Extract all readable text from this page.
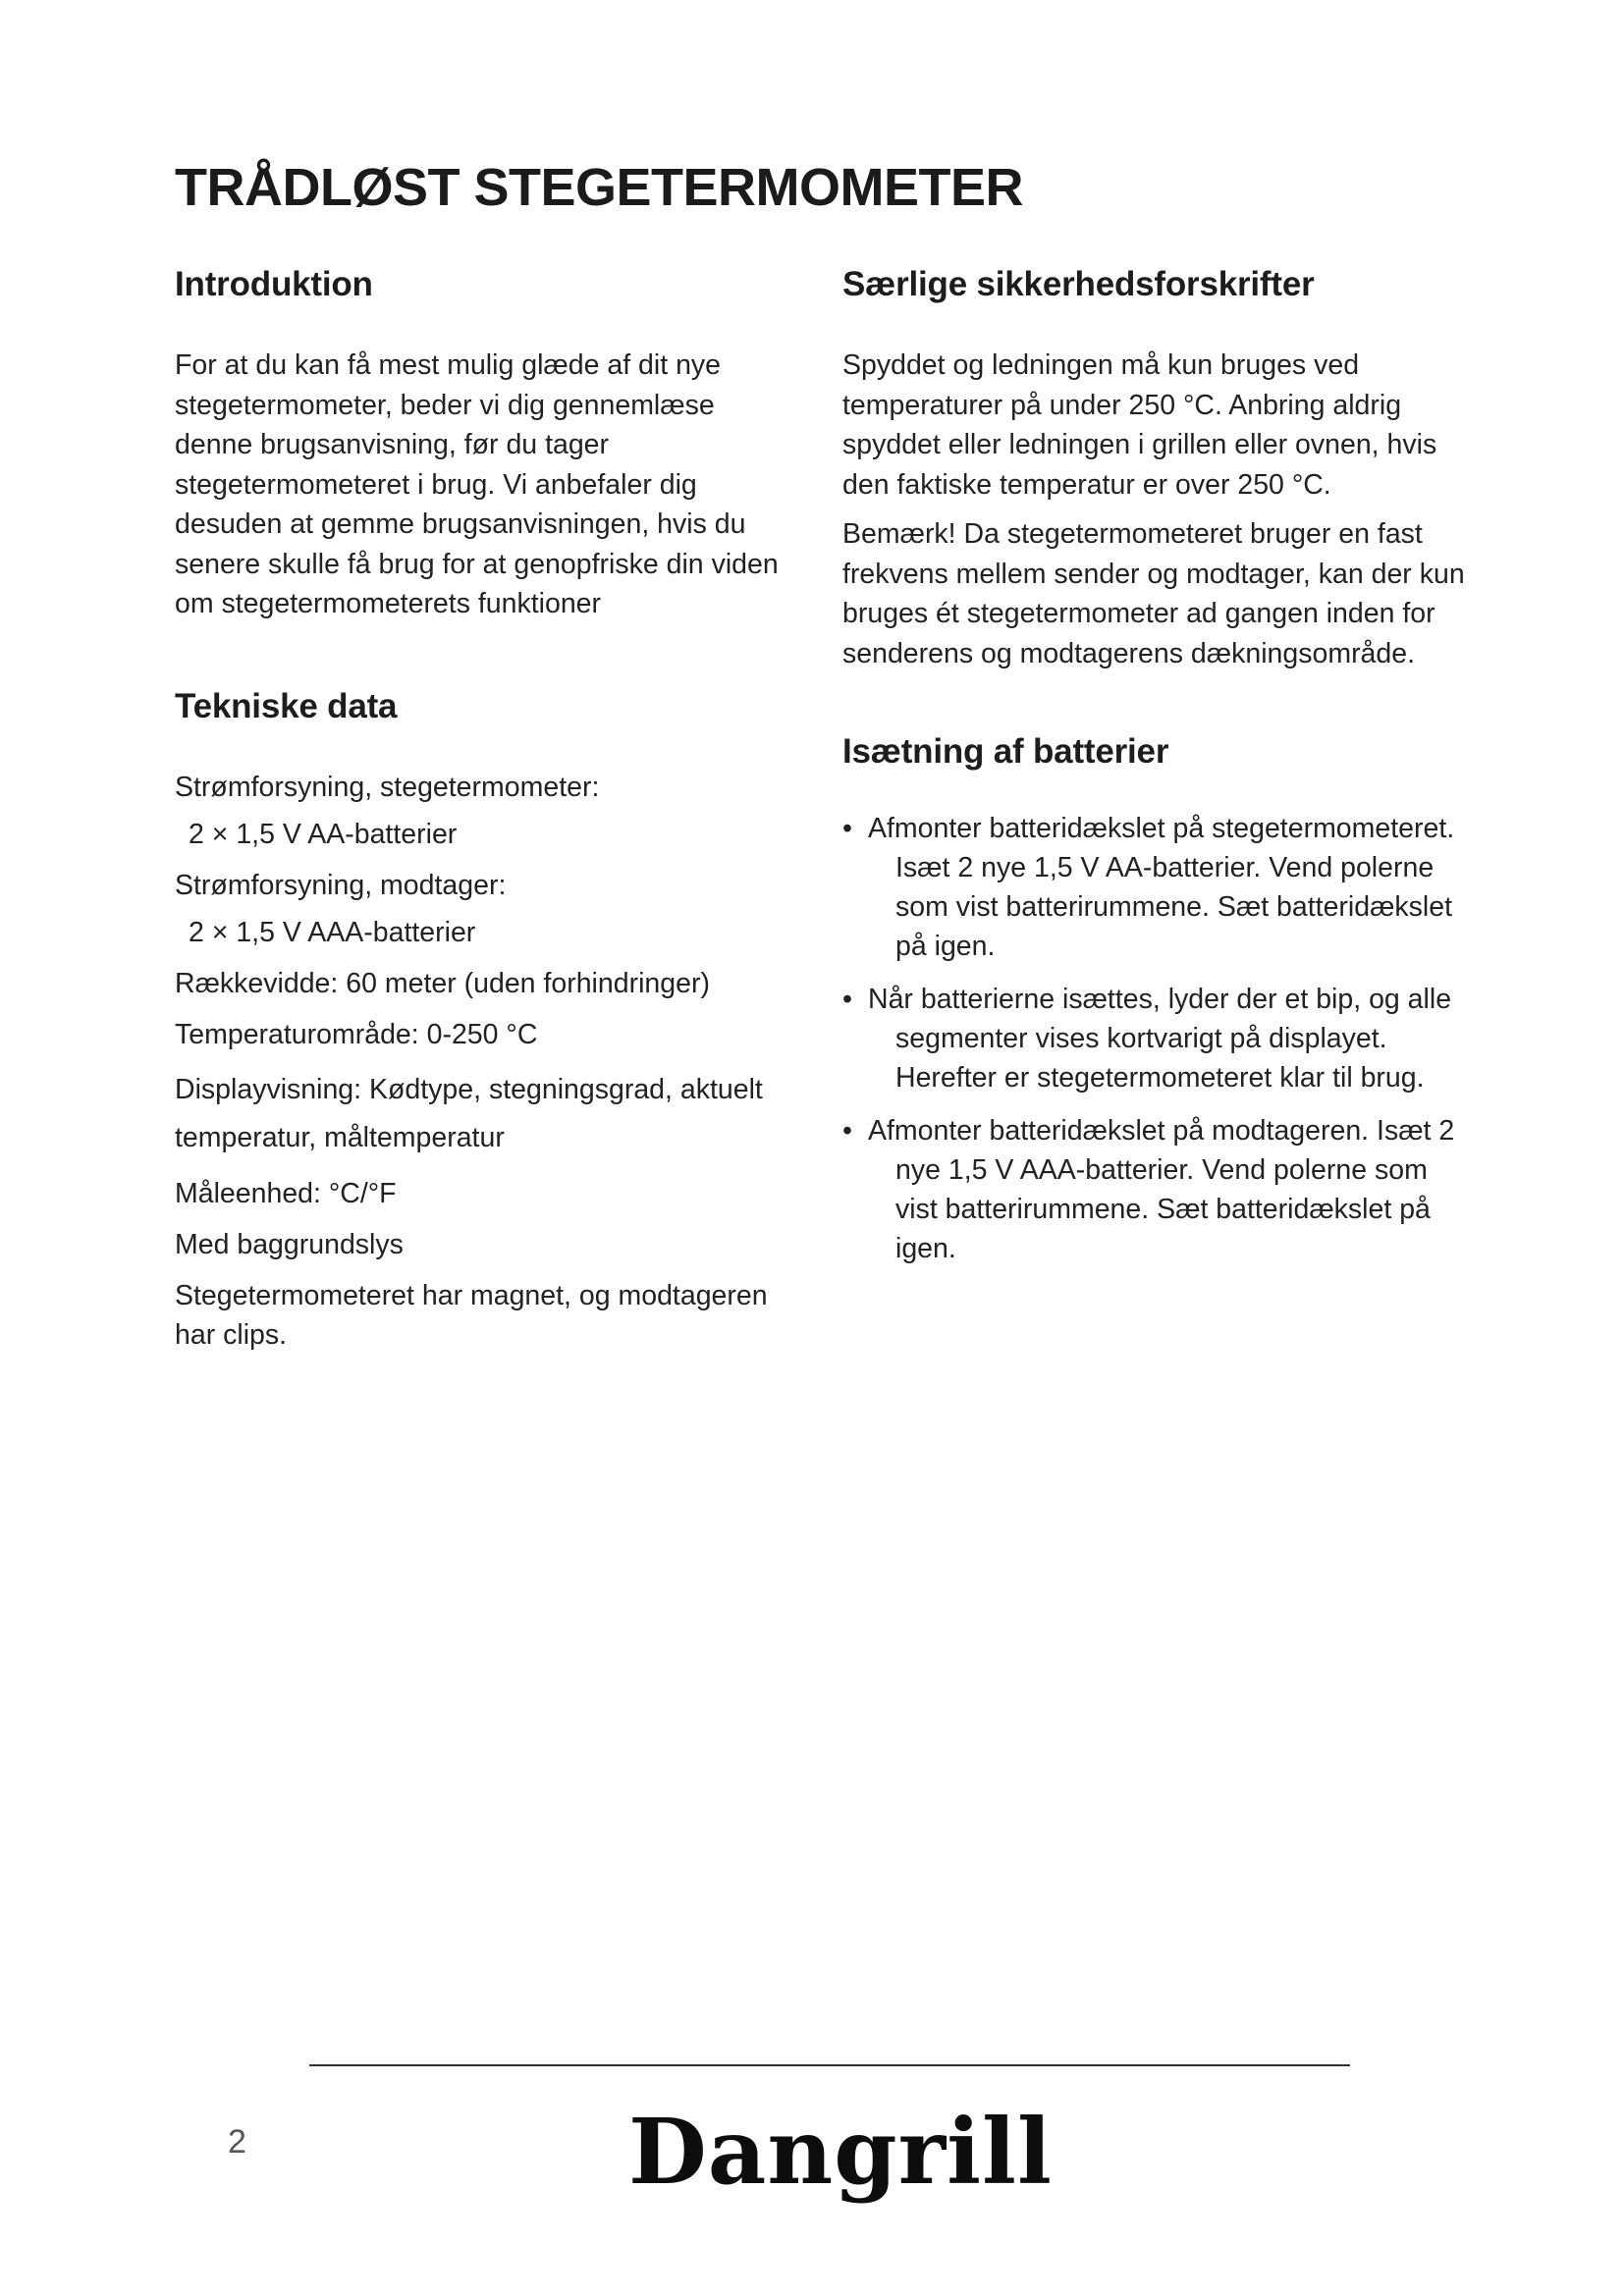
TRÅDLØST STEGETERMOMETER
Introduktion

For at du kan få mest mulig glæde af dit nye stegetermometer, beder vi dig gennemlæse denne brugsanvisning, før du tager stegetermometeret i brug. Vi anbefaler dig desuden at gemme brugsanvisningen, hvis du senere skulle få brug for at genopfriske din viden om stegetermometerets funktioner

Tekniske data
Strømforsyning, stegetermometer:
2 × 1,5 V AA-batterier
Strømforsyning, modtager:
2 × 1,5 V AAA-batterier
Rækkevidde: 60 meter (uden forhindringer)
Temperaturområde: 0-250 °C
Displayvisning: Kødtype, stegningsgrad, aktuelt temperatur, måltemperatur
Måleenhed: °C/°F
Med baggrundslys
Stegetermometeret har magnet, og modtageren har clips.
Særlige sikkerhedsforskrifter

Spyddet og ledningen må kun bruges ved temperaturer på under 250 °C. Anbring aldrig spyddet eller ledningen i grillen eller ovnen, hvis den faktiske temperatur er over 250 °C.

Bemærk! Da stegetermometeret bruger en fast frekvens mellem sender og modtager, kan der kun bruges ét stegetermometer ad gangen inden for senderens og modtagerens dækningsområde.

Isætning af batterier
• Afmonter batteridækslet på stegetermometeret. Isæt 2 nye 1,5 V AA-batterier. Vend polerne som vist batterirummene. Sæt batteridækslet på igen.
• Når batterierne isættes, lyder der et bip, og alle segmenter vises kortvarigt på displayet. Herefter er stegetermometeret klar til brug.
• Afmonter batteridækslet på modtageren. Isæt 2 nye 1,5 V AAA-batterier. Vend polerne som vist batterirummene. Sæt batteridækslet på igen.
2	Dangrill
